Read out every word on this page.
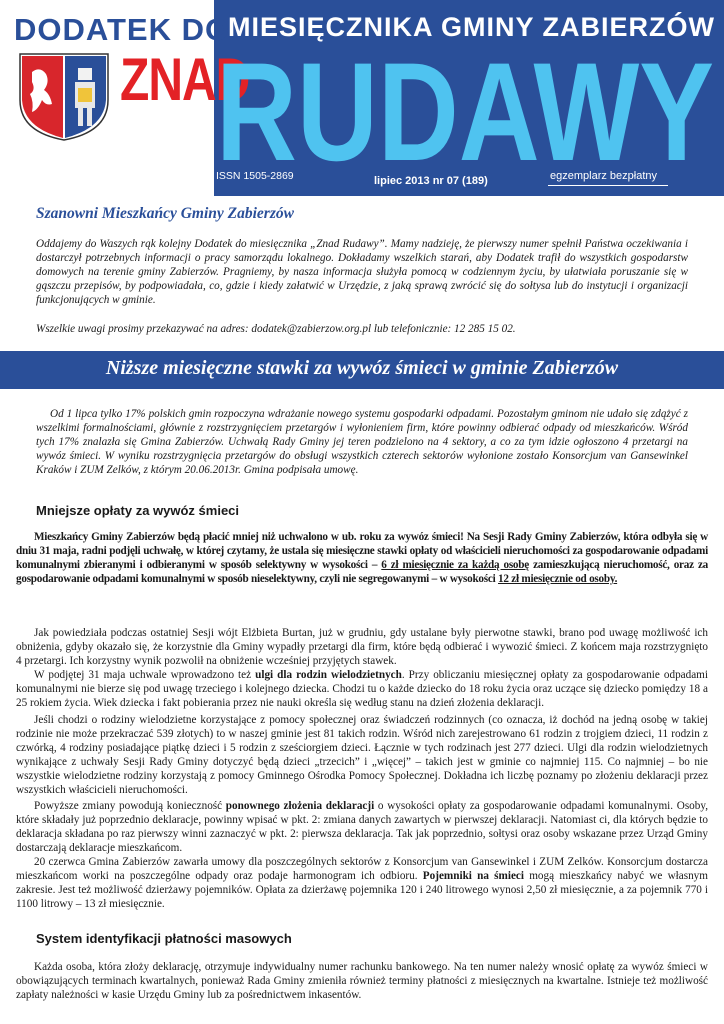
DODATEK DO
MIESIĘCZNIKA GMINY ZABIERZÓW
ZNAD
RUDAWY
ISSN 1505-2869	lipiec 2013 nr 07 (189)	egzemplarz bezpłatny
Szanowni Mieszkańcy Gminy Zabierzów

Oddajemy do Waszych rąk kolejny Dodatek do miesięcznika „Znad Rudawy”. Mamy nadzieję, że pierwszy numer spełnił Państwa oczekiwania i dostarczył potrzebnych informacji o pracy samorządu lokalnego. Dokładamy wszelkich starań, aby Dodatek trafił do wszystkich gospodarstw domowych na terenie gminy Zabierzów. Pragniemy, by nasza informacja służyła pomocą w codziennym życiu, by ułatwiała poruszanie się w gąszczu przepisów, by podpowiadała, co, gdzie i kiedy załatwić w Urzędzie, z jaką sprawą zwrócić się do sołtysa lub do instytucji i organizacji funkcjonujących w gminie.

Wszelkie uwagi prosimy przekazywać na adres: dodatek@zabierzow.org.pl lub telefonicznie: 12 285 15 02.

Niższe miesięczne stawki za wywóz śmieci w gminie Zabierzów

Od 1 lipca tylko 17% polskich gmin rozpoczyna wdrażanie nowego systemu gospodarki odpadami. Pozostałym gminom nie udało się zdążyć z wszelkimi formalnościami, głównie z rozstrzygnięciem przetargów i wyłonieniem firm, które powinny odbierać odpady od mieszkańców. Wśród tych 17% znalazła się Gmina Zabierzów. Uchwałą Rady Gminy jej teren podzielono na 4 sektory, a co za tym idzie ogłoszono 4 przetargi na wywóz śmieci. W wyniku rozstrzygnięcia przetargów do obsługi wszystkich czterech sektorów wyłonione zostało Konsorcjum van Gansewinkel Kraków i ZUM Zelków, z którym 20.06.2013r. Gmina podpisała umowę.

Mniejsze opłaty za wywóz śmieci

Mieszkańcy Gminy Zabierzów będą płacić mniej niż uchwalono w ub. roku za wywóz śmieci! Na Sesji Rady Gminy Zabierzów, która odbyła się w dniu 31 maja, radni podjęli uchwałę, w której czytamy, że ustala się miesięczne stawki opłaty od właścicieli nieruchomości za gospodarowanie odpadami komunalnymi zbieranymi i odbieranymi w sposób selektywny w wysokości – 6 zł miesięcznie za każdą osobę zamieszkującą nieruchomość, oraz za gospodarowanie odpadami komunalnymi w sposób nieselektywny, czyli nie segregowanymi – w wysokości 12 zł miesięcznie od osoby.

Jak powiedziała podczas ostatniej Sesji wójt Elżbieta Burtan, już w grudniu, gdy ustalane były pierwotne stawki, brano pod uwagę możliwość ich obniżenia, gdyby okazało się, że korzystnie dla Gminy wypadły przetargi dla firm, które będą odbierać i wywozić śmieci. Z końcem maja rozstrzygnięto 4 przetargi. Ich korzystny wynik pozwolił na obniżenie wcześniej przyjętych stawek.

W podjętej 31 maja uchwale wprowadzono też ulgi dla rodzin wielodzietnych. Przy obliczaniu miesięcznej opłaty za gospodarowanie odpadami komunalnymi nie bierze się pod uwagę trzeciego i kolejnego dziecka. Chodzi tu o każde dziecko do 18 roku życia oraz uczące się dziecko pomiędzy 18 a 25 rokiem życia. Wiek dziecka i fakt pobierania przez nie nauki określa się według stanu na dzień złożenia deklaracji.

Jeśli chodzi o rodziny wielodzietne korzystające z pomocy społecznej oraz świadczeń rodzinnych (co oznacza, iż dochód na jedną osobę w takiej rodzinie nie może przekraczać 539 złotych) to w naszej gminie jest 81 takich rodzin. Wśród nich zarejestrowano 61 rodzin z trojgiem dzieci, 11 rodzin z czwórką, 4 rodziny posiadające piątkę dzieci i 5 rodzin z sześciorgiem dzieci. Łącznie w tych rodzinach jest 277 dzieci. Ulgi dla rodzin wielodzietnych wynikające z uchwały Sesji Rady Gminy dotyczyć będą dzieci „trzecich” i „więcej” – takich jest w gminie co najmniej 115. Co najmniej – bo nie wszystkie wielodzietne rodziny korzystają z pomocy Gminnego Ośrodka Pomocy Społecznej. Dokładna ich liczbę poznamy po złożeniu deklaracji przez wszystkich właścicieli nieruchomości.

Powyższe zmiany powodują konieczność ponownego złożenia deklaracji o wysokości opłaty za gospodarowanie odpadami komunalnymi. Osoby, które składały już poprzednio deklaracje, powinny wpisać w pkt. 2: zmiana danych zawartych w pierwszej deklaracji. Natomiast ci, dla których będzie to deklaracja składana po raz pierwszy winni zaznaczyć w pkt. 2: pierwsza deklaracja. Tak jak poprzednio, sołtysi oraz osoby wskazane przez Urząd Gminy dostarczają deklaracje mieszkańcom.

20 czerwca Gmina Zabierzów zawarła umowy dla poszczególnych sektorów z Konsorcjum van Gansewinkel i ZUM Zelków. Konsorcjum dostarcza mieszkańcom worki na poszczególne odpady oraz podaje harmonogram ich odbioru. Pojemniki na śmieci mogą mieszkańcy nabyć we własnym zakresie. Jest też możliwość dzierżawy pojemników. Opłata za dzierżawę pojemnika 120 i 240 litrowego wynosi 2,50 zł miesięcznie, a za pojemnik 770 i 1100 litrowy – 13 zł miesięcznie.

System identyfikacji płatności masowych

Każda osoba, która złoży deklarację, otrzymuje indywidualny numer rachunku bankowego. Na ten numer należy wnosić opłatę za wywóz śmieci w obowiązujących terminach kwartalnych, ponieważ Rada Gminy zmieniła również terminy płatności z miesięcznych na kwartalne. Istnieje też możliwość zapłaty należności w kasie Urzędu Gminy lub za pośrednictwem inkasentów.
